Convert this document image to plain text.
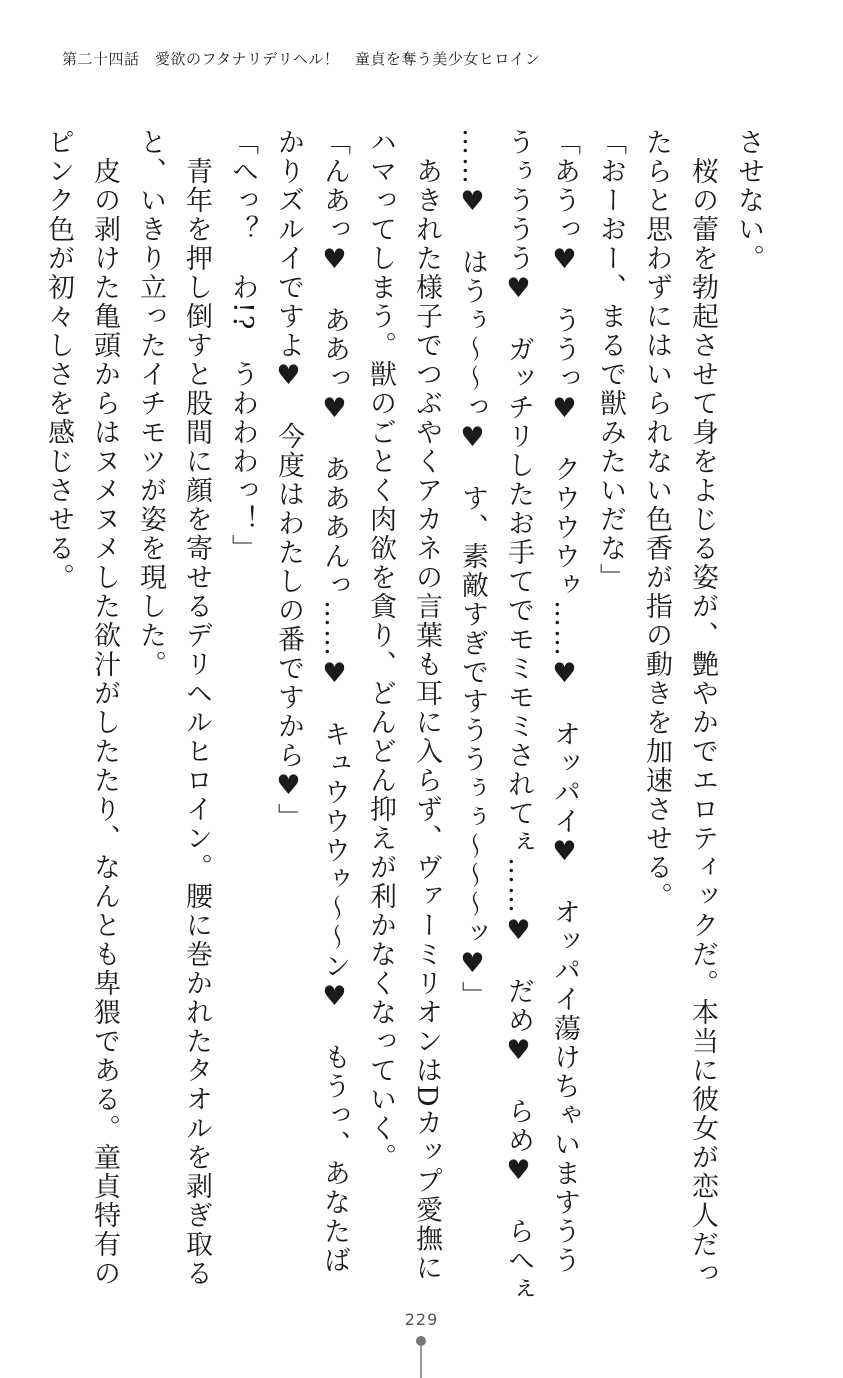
第二十四話　愛欲のフタナリデリヘル！　童貞を奪う美少女ヒロイン
させない。
　桜の蕾を勃起させて身をよじる姿が、艶やかでエロティックだ。本当に彼女が恋人だっ
たらと思わずにはいられない色香が指の動きを加速させる。
「おーおー、まるで獣みたいだな」
「あうっ♥　ううっ♥　クウウウゥ……♥　オッパイ♥　オッパイ蕩けちゃいますうう
うぅううう♥　ガッチリしたお手てでモミモミされてぇ……♥　だめ♥　らめ♥　らへぇ
……♥　はうぅ～～っ♥　す、素敵すぎですううぅぅ～～～ッ♥」
　あきれた様子でつぶやくアカネの言葉も耳に入らず、ヴァーミリオンはDカップ愛撫に
ハマってしまう。獣のごとく肉欲を貪り、どんどん抑えが利かなくなっていく。
「んあっ♥　ああっ♥　あああんっ……♥　キュウウウゥ～～ン♥　もうっ、あなたば
かりズルイですよ♥　今度はわたしの番ですから♥」
「へっ？　わ!?　うわわわっ！」
　青年を押し倒すと股間に顔を寄せるデリヘルヒロイン。腰に巻かれたタオルを剥ぎ取る
と、いきり立ったイチモツが姿を現した。
　皮の剥けた亀頭からはヌメヌメした欲汁がしたたり、なんとも卑猥である。童貞特有の
ピンク色が初々しさを感じさせる。
229
